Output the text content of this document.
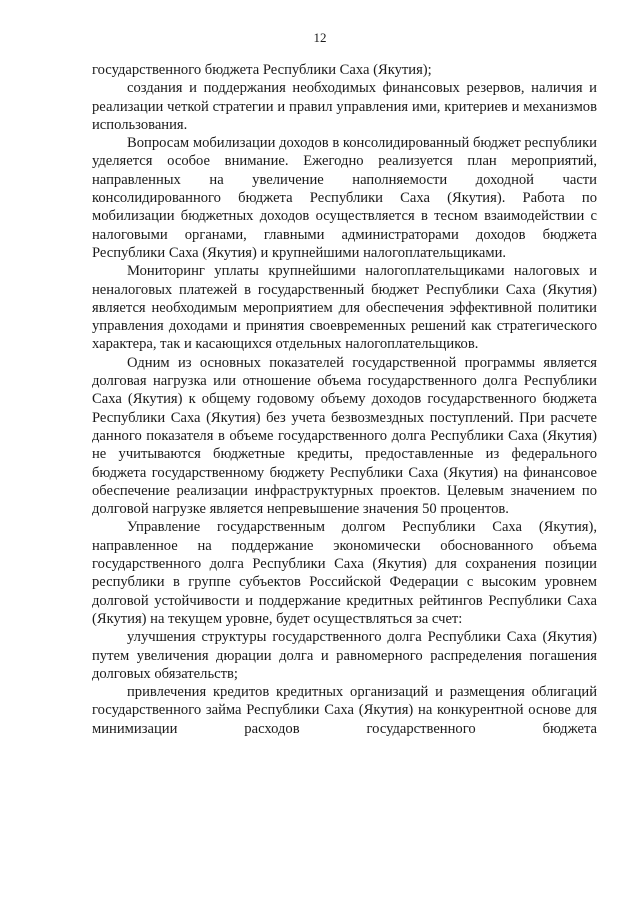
12

государственного бюджета Республики Саха (Якутия);

создания и поддержания необходимых финансовых резервов, наличия и реализации четкой стратегии и правил управления ими, критериев и механизмов использования.

Вопросам мобилизации доходов в консолидированный бюджет республики уделяется особое внимание. Ежегодно реализуется план мероприятий, направленных на увеличение наполняемости доходной части консолидированного бюджета Республики Саха (Якутия). Работа по мобилизации бюджетных доходов осуществляется в тесном взаимодействии с налоговыми органами, главными администраторами доходов бюджета Республики Саха (Якутия) и крупнейшими налогоплательщиками.

Мониторинг уплаты крупнейшими налогоплательщиками налоговых и неналоговых платежей в государственный бюджет Республики Саха (Якутия) является необходимым мероприятием для обеспечения эффективной политики управления доходами и принятия своевременных решений как стратегического характера, так и касающихся отдельных налогоплательщиков.

Одним из основных показателей государственной программы является долговая нагрузка или отношение объема государственного долга Республики Саха (Якутия) к общему годовому объему доходов государственного бюджета Республики Саха (Якутия) без учета безвозмездных поступлений. При расчете данного показателя в объеме государственного долга Республики Саха (Якутия) не учитываются бюджетные кредиты, предоставленные из федерального бюджета государственному бюджету Республики Саха (Якутия) на финансовое обеспечение реализации инфраструктурных проектов. Целевым значением по долговой нагрузке является непревышение значения 50 процентов.

Управление государственным долгом Республики Саха (Якутия), направленное на поддержание экономически обоснованного объема государственного долга Республики Саха (Якутия) для сохранения позиции республики в группе субъектов Российской Федерации с высоким уровнем долговой устойчивости и поддержание кредитных рейтингов Республики Саха (Якутия) на текущем уровне, будет осуществляться за счет:

улучшения структуры государственного долга Республики Саха (Якутия) путем увеличения дюрации долга и равномерного распределения погашения долговых обязательств;

привлечения кредитов кредитных организаций и размещения облигаций государственного займа Республики Саха (Якутия) на конкурентной основе для минимизации расходов государственного бюджета
